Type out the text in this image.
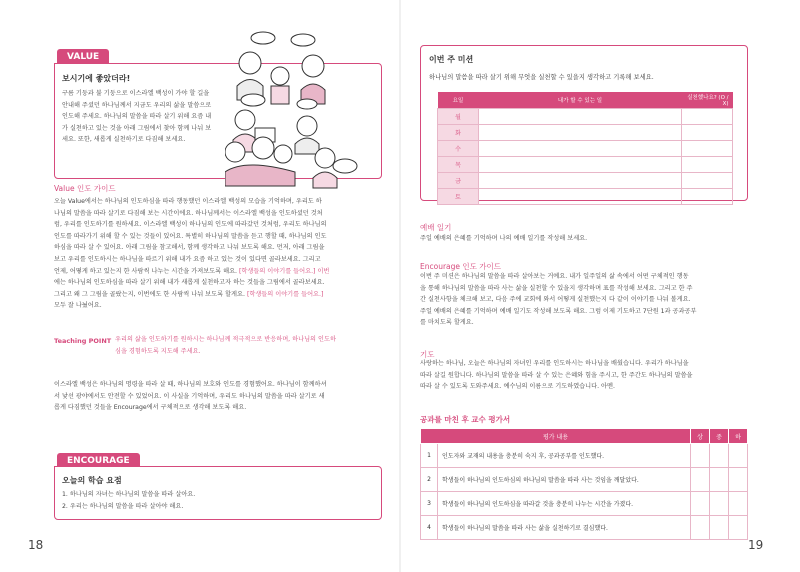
VALUE
보시기에 좋았더라!
구름 기둥과 불 기둥으로 이스라엘 백성이 가야 할 길을
안내해 주셨던 하나님께서 지금도 우리의 삶을 말씀으로
인도해 주세요. 하나님의 말씀을 따라 살기 위해 요즘 내
가 실천하고 있는 것을 아래 그림에서 찾아 함께 나눠 보
세요. 또한, 새롭게 실천하기로 다짐해 보세요.
Value 인도 가이드
오늘 Value에서는 하나님의 인도하심을 따라 행동했던 이스라엘 백성의 모습을 기억하며, 우리도 하
나님의 말씀을 따라 살기로 다짐해 보는 시간이에요. 하나님께서는 이스라엘 백성을 인도하셨던 것처
럼, 우리를 인도하기를 원하세요. 이스라엘 백성이 하나님의 인도에 따라갔던 것처럼, 우리도 하나님의
인도를 따라가기 위해 할 수 있는 것들이 있어요. 특별히 하나님의 말씀을 듣고 행할 때, 하나님의 인도
하심을 따라 살 수 있어요. 아래 그림을 참고해서, 함께 생각하고 나눠 보도록 해요. 먼저, 아래 그림을
보고 우리를 인도하시는 하나님을 따르기 위해 내가 요즘 하고 있는 것이 있다면 골라보세요. 그리고
언제, 어떻게 하고 있는지 한 사람씩 나누는 시간을 가져보도록 해요. [학생들의 이야기를 들어요.] 이번
에는 하나님의 인도하심을 따라 살기 위해 내가 새롭게 실천하고자 하는 것들을 그림에서 골라보세요.
그리고 왜 그 그림을 골랐는지, 이번에도 한 사람씩 나눠 보도록 할게요. [학생들의 이야기를 들어요.]
모두 잘 나눴어요.
Teaching POINT 우리의 삶을 인도하기를 원하시는 하나님께 적극적으로 반응하며, 하나님의 인도하
심을 경험하도록 지도해 주세요.
이스라엘 백성은 하나님의 명령을 따라 살 때, 하나님의 보호와 인도를 경험했어요. 하나님이 함께하셔
서 낯선 광야에서도 안전할 수 있었어요. 이 사실을 기억하며, 우리도 하나님의 말씀을 따라 살기로 새
롭게 다짐했던 것들을 Encourage에서 구체적으로 생각해 보도록 해요.
ENCOURAGE
오늘의 학습 요점
1. 하나님의 자녀는 하나님의 말씀을 따라 살아요.
2. 우리는 하나님의 말씀을 따라 살아야 해요.
18
이번 주 미션
하나님의 말씀을 따라 살기 위해 무엇을 실천할 수 있을지 생각하고 기록해 보세요.
요일	내가 할 수 있는 일	실천했나요? (O / X)
월		
화		
수		
목		
금		
토		
예배 일기
주일 예배의 은혜를 기억하며 나의 예배 일기를 작성해 보세요.
Encourage 인도 가이드
이번 주 미션은 하나님의 말씀을 따라 살아보는 거예요. 내가 일주일의 삶 속에서 어떤 구체적인 행동
을 통해 하나님의 말씀을 따라 사는 삶을 실천할 수 있을지 생각하며 표를 작성해 보세요. 그리고 한 주
간 실천사항을 체크해 보고, 다음 주에 교회에 와서 어떻게 실천했는지 다 같이 이야기를 나눠 볼게요.
주일 예배의 은혜를 기억하며 예배 일기도 작성해 보도록 해요. 그럼 이제 기도하고 7단원 1과 공과공부
를 마치도록 할게요.
기도
사랑하는 하나님, 오늘은 하나님의 자녀인 우리를 인도하시는 하나님을 배웠습니다. 우리가 하나님을
따라 살길 원합니다. 하나님의 말씀을 따라 살 수 있는 은혜와 힘을 주시고, 한 주간도 하나님의 말씀을
따라 살 수 있도록 도와주세요. 예수님의 이름으로 기도하였습니다. 아멘.
공과를 마친 후 교수 평가서
평가 내용		상	중	하
1	인도자와 교재의 내용을 충분히 숙지 후, 공과공부를 인도했다.			
2	학생들이 하나님의 인도하심의 하나님의 말씀을 따라 사는 것임을 깨달았다.			
3	학생들이 하나님의 인도하심을 따라갈 것을 충분히 나누는 시간을 가졌다.			
4	학생들이 하나님의 말씀을 따라 사는 삶을 실천하기로 결심했다.			
19
